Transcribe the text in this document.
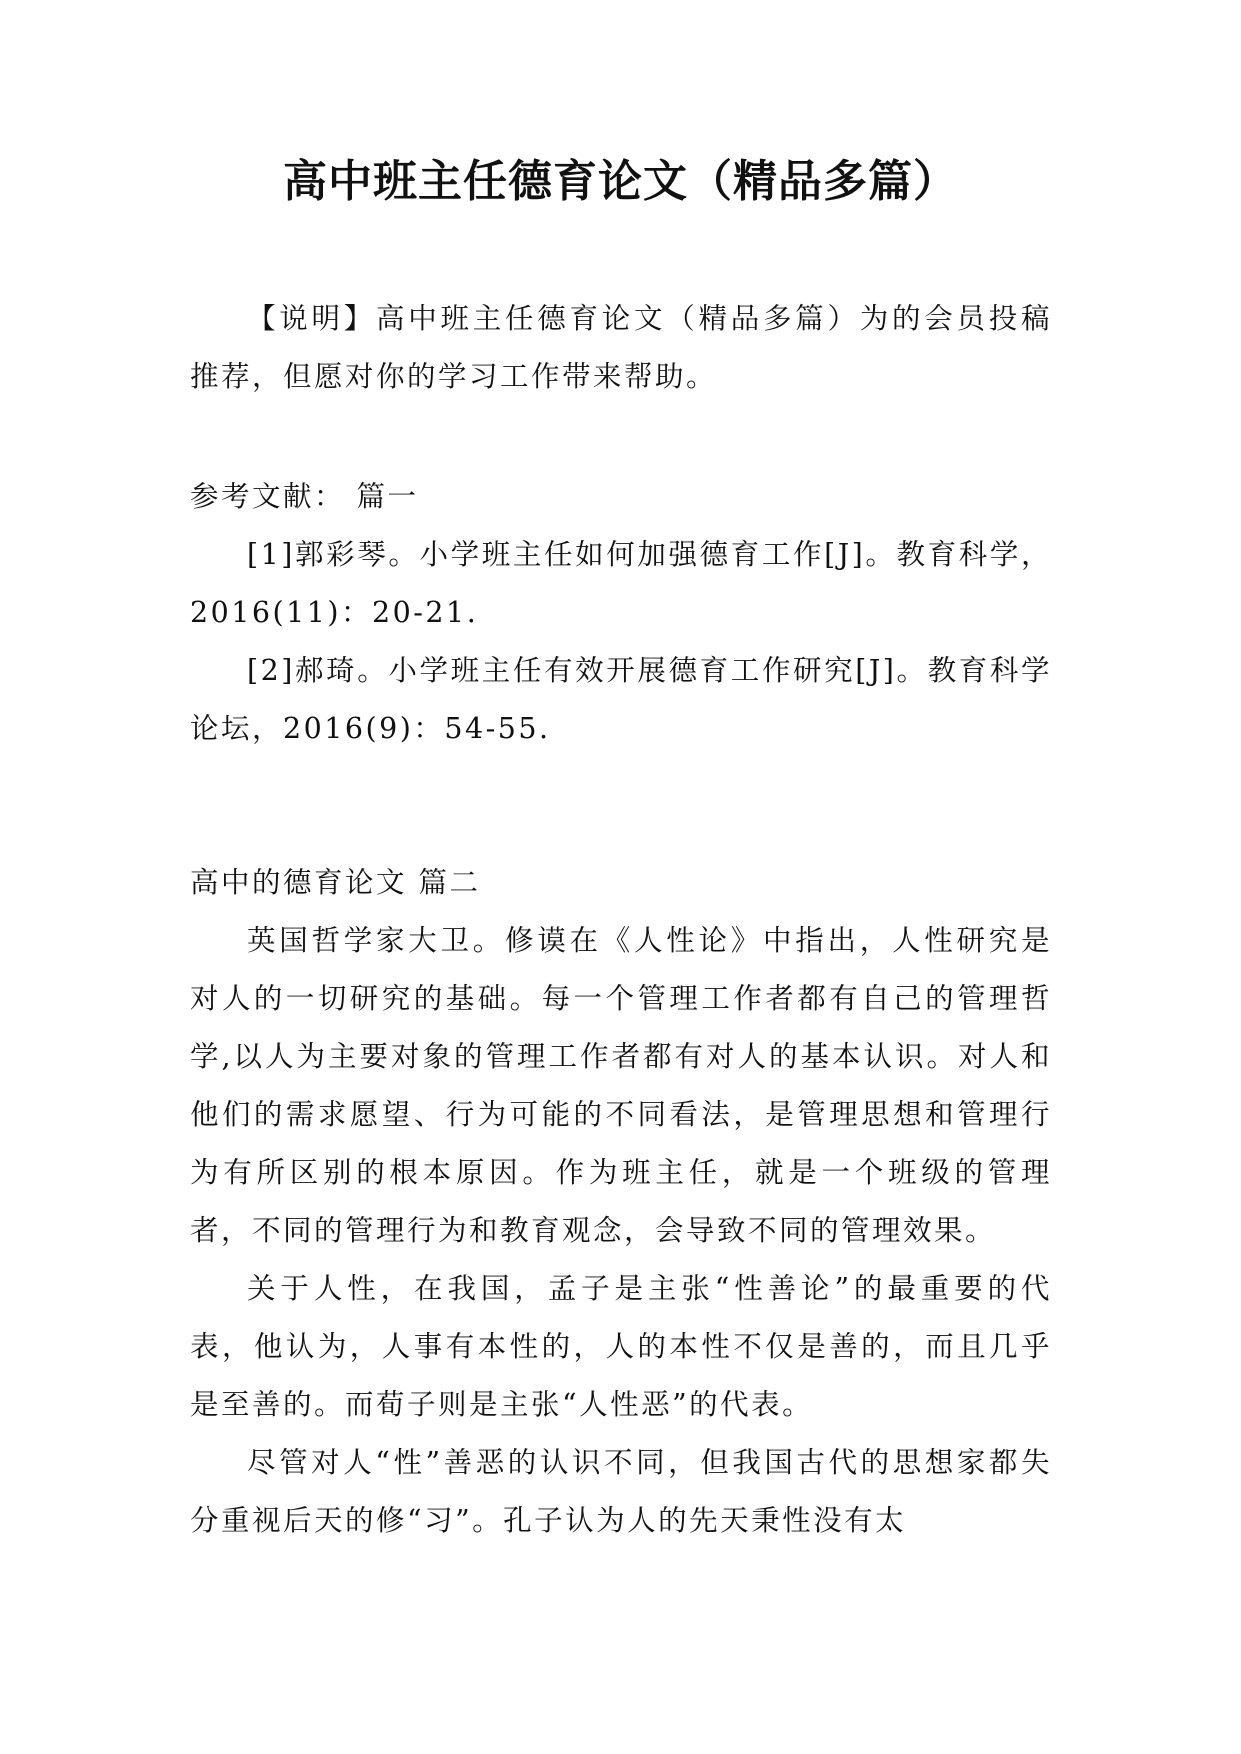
高中班主任德育论文（精品多篇）

【说明】高中班主任德育论文（精品多篇）为的会员投稿推荐，但愿对你的学习工作带来帮助。

参考文献： 篇一

[1]郭彩琴。小学班主任如何加强德育工作[J]。教育科学，2016(11)：20-21.

[2]郝琦。小学班主任有效开展德育工作研究[J]。教育科学论坛，2016(9)：54-55.

高中的德育论文 篇二

英国哲学家大卫。修谟在《人性论》中指出，人性研究是对人的一切研究的基础。每一个管理工作者都有自己的管理哲学,以人为主要对象的管理工作者都有对人的基本认识。对人和他们的需求愿望、行为可能的不同看法，是管理思想和管理行为有所区别的根本原因。作为班主任，就是一个班级的管理者，不同的管理行为和教育观念，会导致不同的管理效果。

关于人性，在我国，孟子是主张“性善论”的最重要的代表，他认为，人事有本性的，人的本性不仅是善的，而且几乎是至善的。而荀子则是主张“人性恶”的代表。

尽管对人“性”善恶的认识不同，但我国古代的思想家都失分重视后天的修“习”。孔子认为人的先天秉性没有太
